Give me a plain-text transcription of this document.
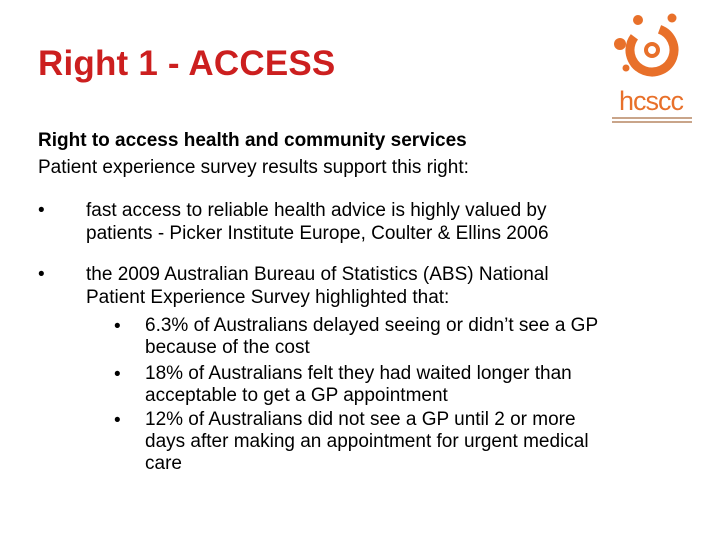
Right 1 - ACCESS
hcscc
Right to access health and community services
Patient experience survey results support this right:
•	fast access to reliable health advice is highly valued by
patients - Picker Institute Europe, Coulter & Ellins 2006
•	the 2009 Australian Bureau of Statistics (ABS) National
Patient Experience Survey highlighted that:
•	6.3% of Australians delayed seeing or didn’t see a GP
because of the cost
•	18% of Australians felt they had waited longer than
acceptable to get a GP appointment
•	12% of Australians did not see a GP until 2 or more
days after making an appointment for urgent medical
care
